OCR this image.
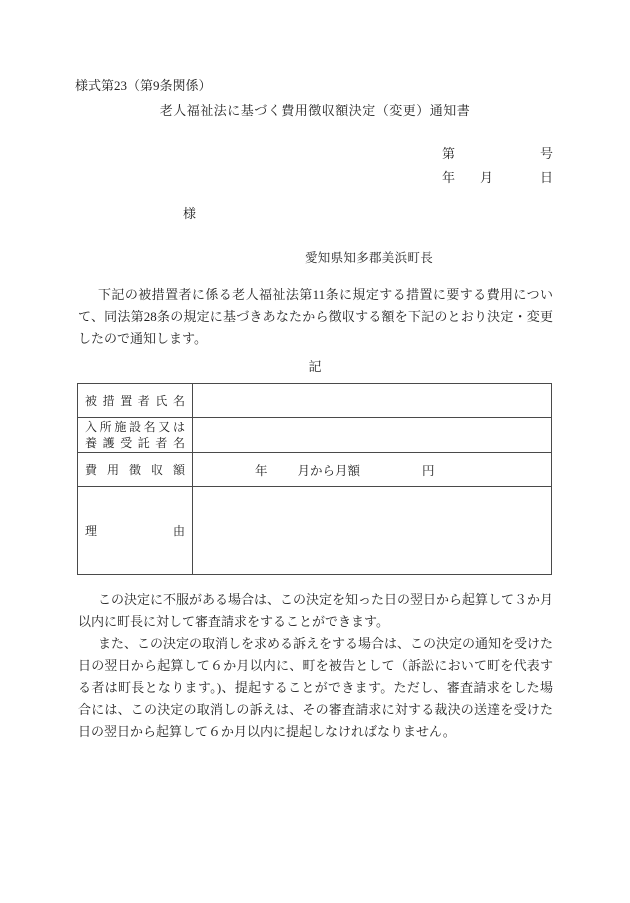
様式第23（第9条関係）
老人福祉法に基づく費用徴収額決定（変更）通知書
第	号
年 月	日
様
愛知県知多郡美浜町長

下記の被措置者に係る老人福祉法第11条に規定する措置に要する費用について、同法第28条の規定に基づきあなたから徴収する額を下記のとおり決定・変更したので通知します。

記
被 措 置 者 氏 名

入 所 施 設 名 又 は
養 護 受 託 者 名

費 用 徴 収 額	年 月から月額 円

理 由	

この決定に不服がある場合は、この決定を知った日の翌日から起算して３か月以内に町長に対して審査請求をすることができます。

また、この決定の取消しを求める訴えをする場合は、この決定の通知を受けた日の翌日から起算して６か月以内に、町を被告として（訴訟において町を代表する者は町長となります。)、提起することができます。ただし、審査請求をした場合には、この決定の取消しの訴えは、その審査請求に対する裁決の送達を受けた日の翌日から起算して６か月以内に提起しなければなりません。
